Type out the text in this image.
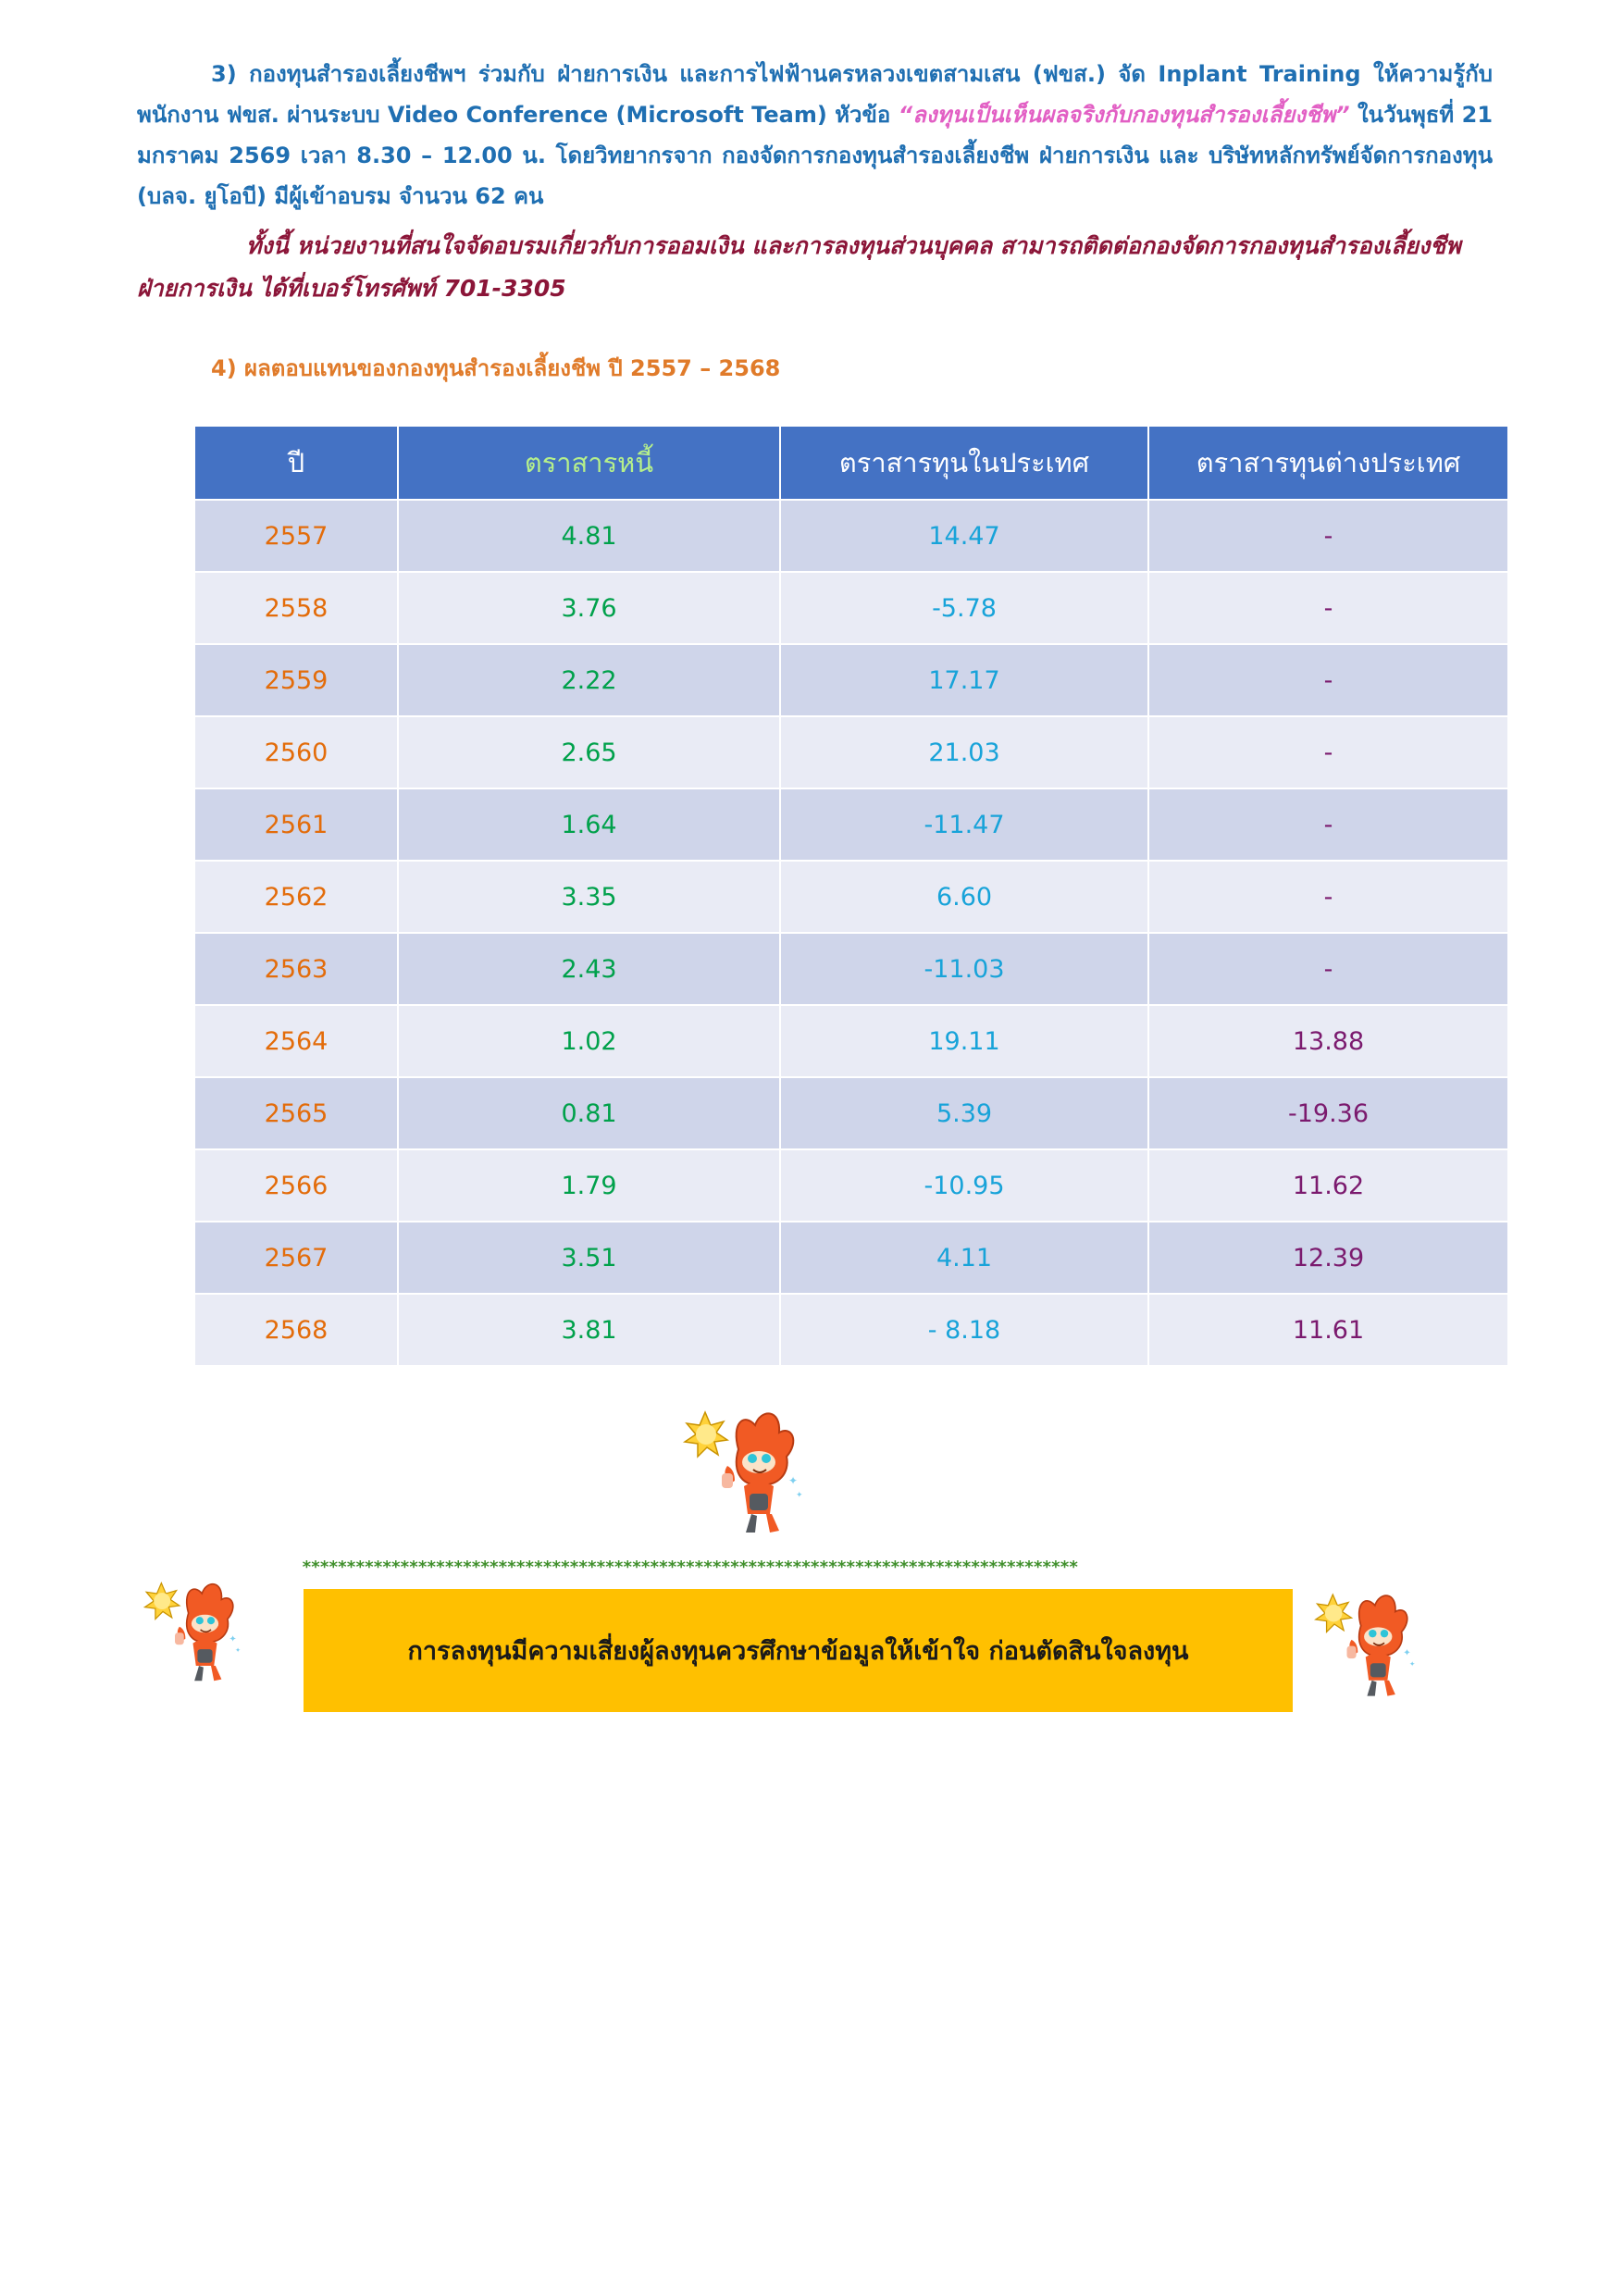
3) กองทุนสำรองเลี้ยงชีพฯ ร่วมกับ ฝ่ายการเงิน และการไฟฟ้านครหลวงเขตสามเสน (ฟขส.) จัด Inplant Training ให้ความรู้กับพนักงาน ฟขส. ผ่านระบบ Video Conference (Microsoft Team) หัวข้อ “ลงทุนเป็นเห็นผลจริงกับกองทุนสำรองเลี้ยงชีพ” ในวันพุธที่ 21 มกราคม 2569 เวลา 8.30 – 12.00 น. โดยวิทยากรจาก กองจัดการกองทุนสำรองเลี้ยงชีพ ฝ่ายการเงิน และ บริษัทหลักทรัพย์จัดการกองทุน (บลจ. ยูโอบี) มีผู้เข้าอบรม จำนวน 62 คน
ทั้งนี้ หน่วยงานที่สนใจจัดอบรมเกี่ยวกับการออมเงิน และการลงทุนส่วนบุคคล สามารถติดต่อกองจัดการกองทุนสำรองเลี้ยงชีพ ฝ่ายการเงิน ได้ที่เบอร์โทรศัพท์ 701-3305
4) ผลตอบแทนของกองทุนสำรองเลี้ยงชีพ ปี 2557 – 2568
ปี	ตราสารหนี้	ตราสารทุนในประเทศ	ตราสารทุนต่างประเทศ
2557	4.81	14.47	-
2558	3.76	-5.78	-
2559	2.22	17.17	-
2560	2.65	21.03	-
2561	1.64	-11.47	-
2562	3.35	6.60	-
2563	2.43	-11.03	-
2564	1.02	19.11	13.88
2565	0.81	5.39	-19.36
2566	1.79	-10.95	11.62
2567	3.51	4.11	12.39
2568	3.81	- 8.18	11.61
✦
✦
***************************************************************************************
✦
✦	การลงทุนมีความเสี่ยงผู้ลงทุนควรศึกษาข้อมูลให้เข้าใจ ก่อนตัดสินใจลงทุน	✦
✦
